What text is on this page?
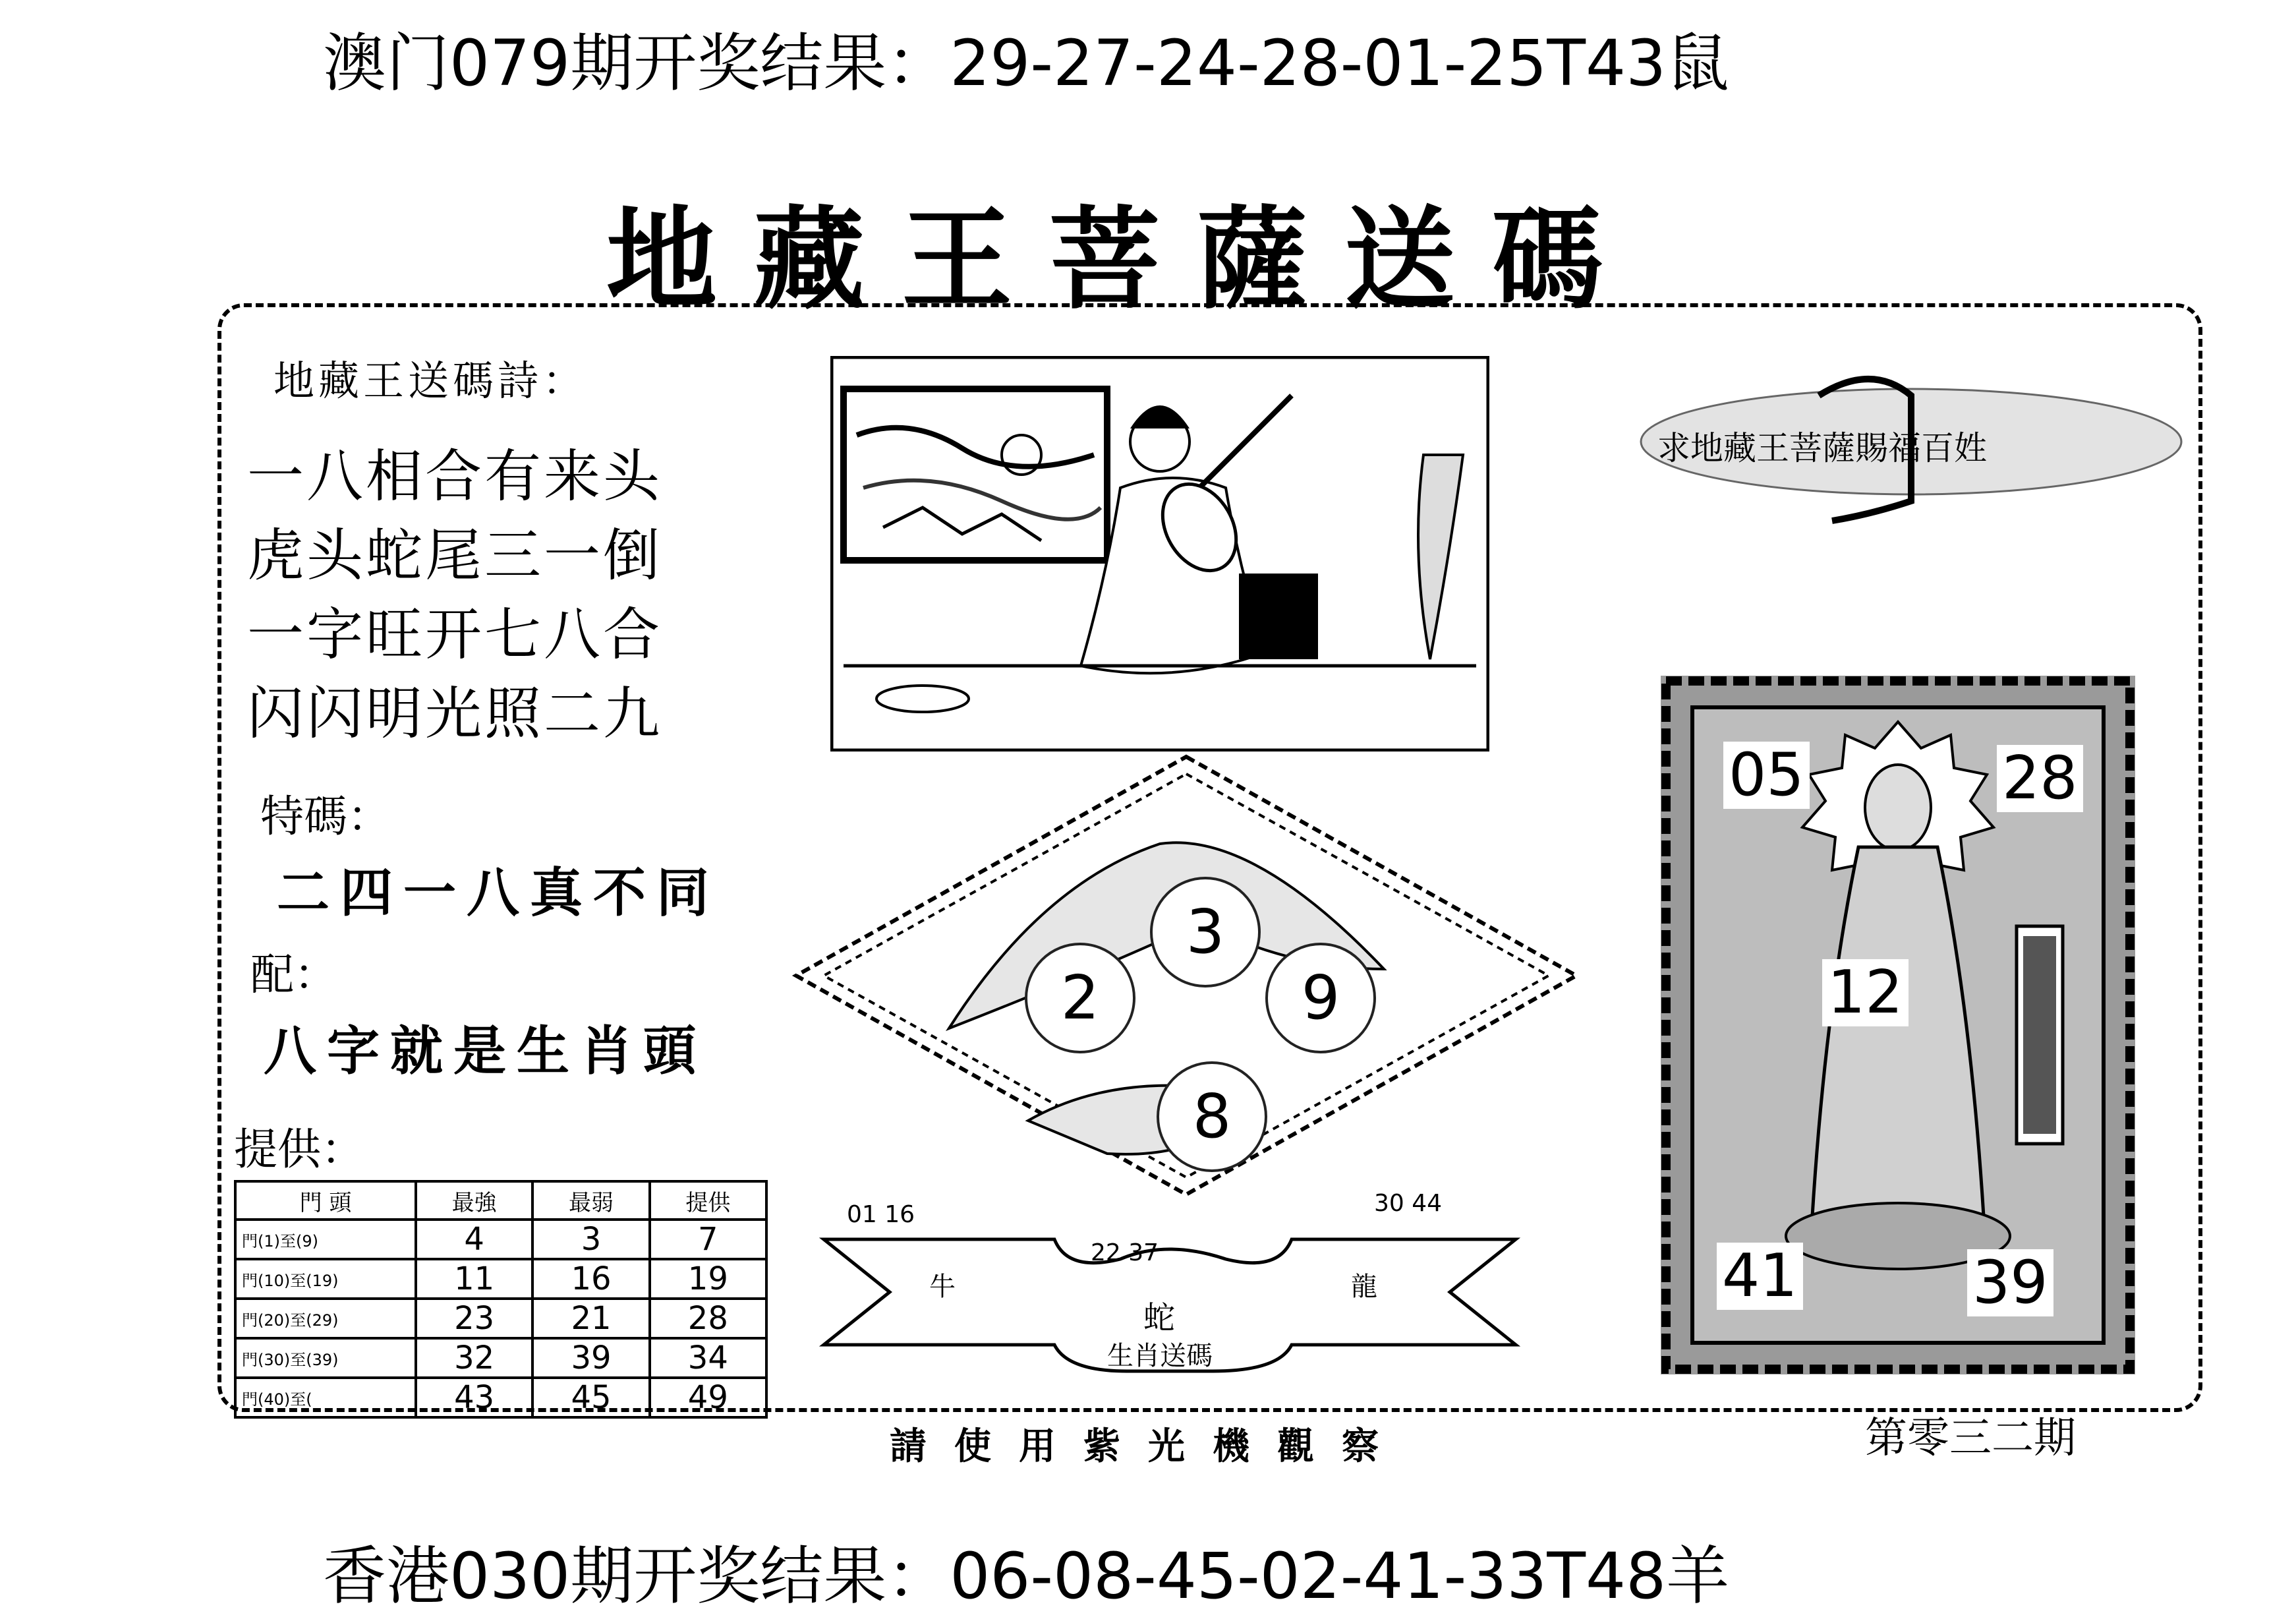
澳门079期开奖结果：29-27-24-28-01-25T43鼠
地藏王菩薩送碼
地藏王送碼詩：
一八相合有来头
虎头蛇尾三一倒
一字旺开七八合
闪闪明光照二九
特碼：
二四一八真不同
配：
八字就是生肖頭
提供：
門 頭	最強	最弱	提供
門(1)至(9)	4	3	7
門(10)至(19)	11	16	19
門(20)至(29)	23	21	28
門(30)至(39)	32	39	34
門(40)至(	43	45	49
3
2	9
8
01 16
22 37
30 44
牛	龍
蛇
生肖送碼
求地藏王菩薩賜福百姓
05	28
12
41	39
請使用紫光機觀察	第零三二期
香港030期开奖结果：06-08-45-02-41-33T48羊
